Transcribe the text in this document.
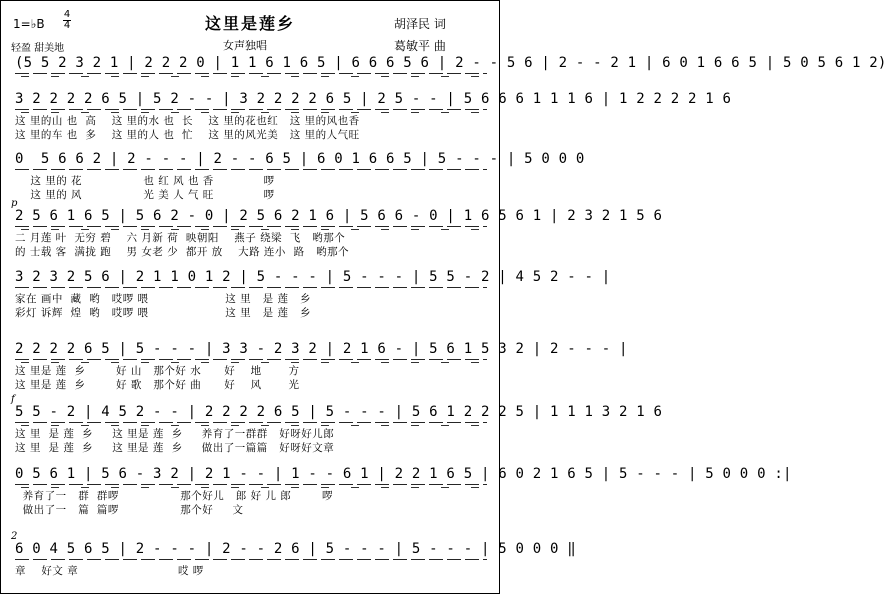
这里是莲乡
1=♭B
4
4
轻盈 甜美地	女声独唱
胡泽民 词
葛敏平 曲
(5 5 2 3 2 1 | 2 2 2 0 | 1 1 6 1 6 5 | 6 6 6 5 6 | 2 - - 5 6 | 2 - - 2 1 | 6 0 1 6 6 5 | 5 0 5 6 1 2)
3 2 2 2 2 6 5 | 5 2 - - | 3 2 2 2 2 6 5 | 2 5 - - | 5 6 6 6 1 1 1 6 | 1 2 2 2 2 1 6
这 里的山 也  高    这 里的水 也  长    这 里的花也红   这 里的风也香
这 里的车 也  多    这 里的人 也  忙    这 里的风光美   这 里的人气旺
0  5 6 6 2 | 2 - - - | 2 - - 6 5 | 6 0 1 6 6 5 | 5 - - - | 5 0 0 0
这 里的 花                也 红 风 也 香             啰
这 里的 风                光 美 人 气 旺             啰
p
2 5 6 1 6 5 | 5 6 2 - 0 | 2 5 6 2 1 6 | 5 6 6 - 0 | 1 6 5 6 1 | 2 3 2 1 5 6
二 月莲 叶  无穷 碧    六 月新 荷  映朝阳    燕子 绕梁  飞   哟那个
的 士载 客  满拢 跑    男 女老 少  都开 放    大路 连小  路   哟那个
3 2 3 2 5 6 | 2 1 1 0 1 2 | 5 - - - | 5 - - - | 5 5 - 2 | 4 5 2 - - |
家在 画中  藏  哟   哎啰 喂                    这 里   是 莲   乡
彩灯 诉辉  煌  哟   哎啰 喂                    这 里   是 莲   乡
2 2 2 2 6 5 | 5 - - - | 3 3 - 2 3 2 | 2 1 6 - | 5 6 1 5 3 2 | 2 - - - |
这 里是 莲  乡        好 山   那个好 水      好    地       方
这 里是 莲  乡        好 歌   那个好 曲      好    风       光
f
5 5 - 2 | 4 5 2 - - | 2 2 2 2 6 5 | 5 - - - | 5 6 1 2 2 2 5 | 1 1 1 3 2 1 6
这 里  是 莲  乡     这 里是 莲  乡     养育了一群群   好呀好儿郎
这 里  是 莲  乡     这 里是 莲  乡     做出了一篇篇   好呀好文章
0 5 6 1 | 5 6 - 3 2 | 2 1 - - | 1 - - 6 1 | 2 2 1 6 5 | 6 0 2 1 6 5 | 5 - - - | 5 0 0 0 :|
养育了一   群  群啰                那个好儿   郎 好 儿 郎        啰
做出了一   篇  篇啰                那个好     文
2
6 0 4 5 6 5 | 2 - - - | 2 - - 2 6 | 5 - - - | 5 - - - | 5 0 0 0 ‖
章    好文 章                          哎 啰
